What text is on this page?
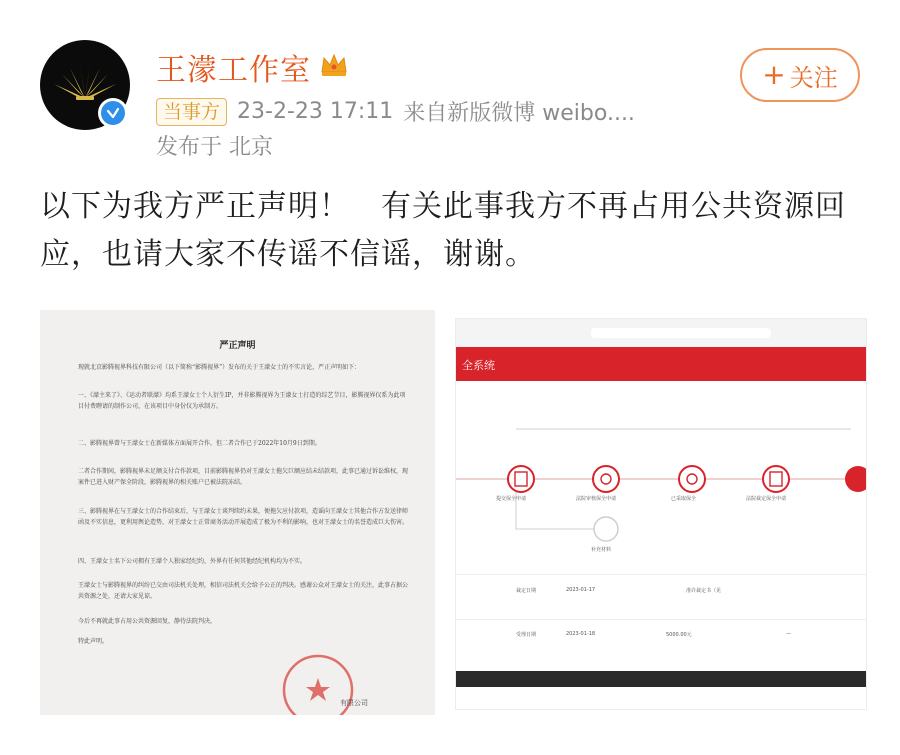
王濛工作室
当事方 23-2-23 17:11 来自新版微博 weibo....
发布于 北京
+ 关注
以下为我方严正声明！　有关此事我方不再占用公共资源回应，也请大家不传谣不信谣，谢谢。
严正声明
现就北京影腾视界科技有限公司（以下简称“影腾视界”）发布的关于王濛女士的不实言论，严正声明如下：
一、《濛主来了》、《运动者联濛》均系王濛女士个人衍生IP，并非影腾视界为王濛女士打造的综艺节目，影腾视界仅系为此项目付费聘请的制作公司，在该项目中身份仅为承制方。
二、影腾视界曾与王濛女士在新媒体方面展开合作，但二者合作已于2022年10月9日到期。
二者合作期间，影腾视界未足额支付合作款项，目前影腾视界仍对王濛女士拖欠巨额应结未结款项，此事已通过诉讼维权，现案件已进入财产保全阶段，影腾视界的相关账户已被法院冻结。
三、影腾视界在与王濛女士的合作结束后，与王濛女士谈判续约未果，便拖欠应付款项，造谣向王濛女士其他合作方发送律师函及不实信息，更利用舆论造势，对王濛女士正常商务活动开展造成了极为不利的影响，也对王濛女士的名誉造成巨大伤害。
四、王濛女士名下公司拥有王濛个人独家经纪约，外界有任何其他经纪机构均为不实。
王濛女士与影腾视界的纠纷已交由司法机关处理，相信司法机关会给予公正的判决。感谢公众对王濛女士的关注，此事占据公共资源之处，还请大家见谅。
今后不再就此事占用公共资源回复，静待法院判决。
特此声明。
有限公司
全系统
提交保全申请	法院审核保全申请	已采取保全	法院裁定保全申请
补充材料
裁定日期	2023-01-17	准许裁定书（见
受理日期	2023-01-18	5000.00元	—
